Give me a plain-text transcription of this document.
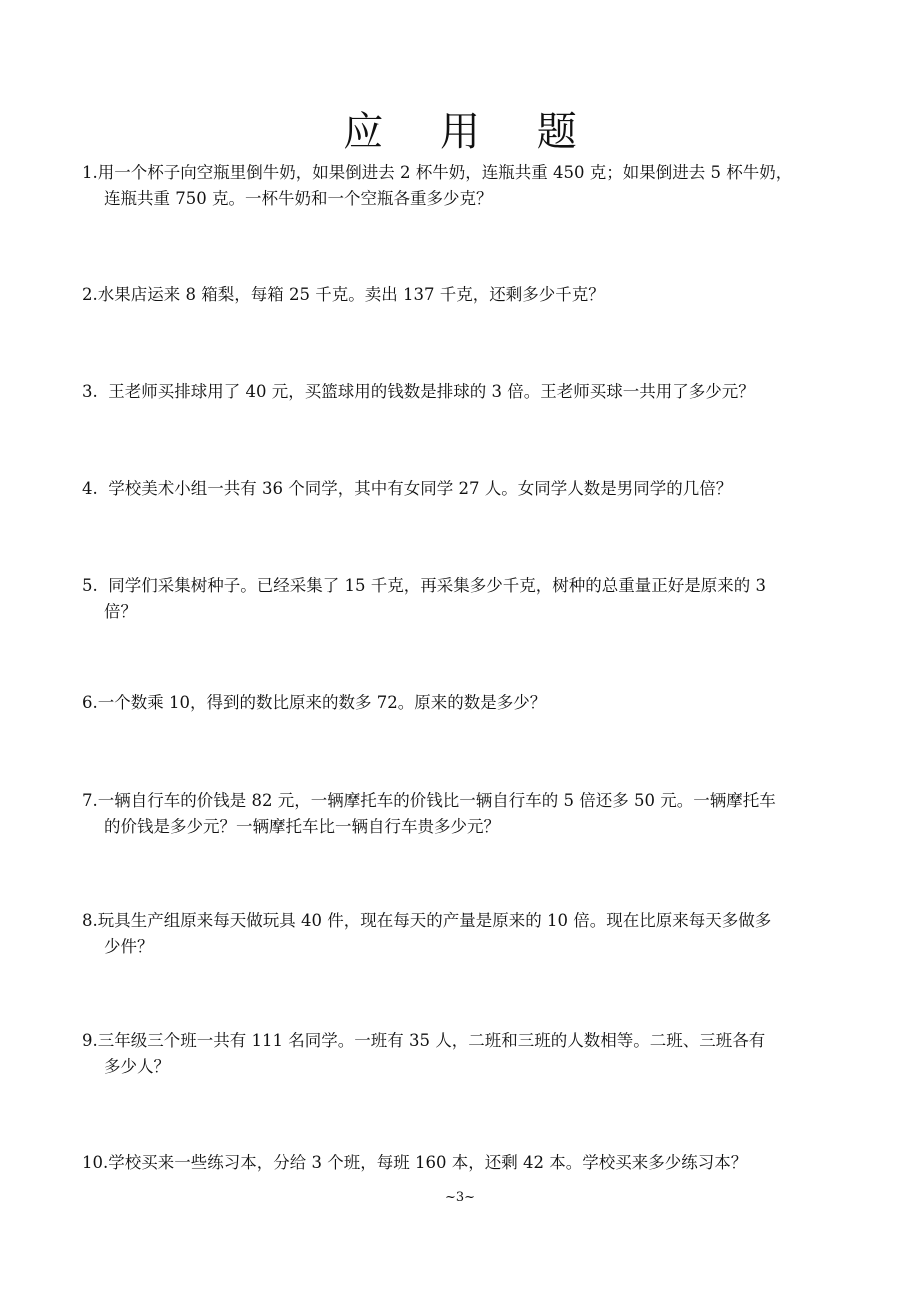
应 用 题
1.用一个杯子向空瓶里倒牛奶，如果倒进去 2 杯牛奶，连瓶共重 450 克；如果倒进去 5 杯牛奶，
连瓶共重 750 克。一杯牛奶和一个空瓶各重多少克？
2.水果店运来 8 箱梨，每箱 25 千克。卖出 137 千克，还剩多少千克？
3.  王老师买排球用了 40 元，买篮球用的钱数是排球的 3 倍。王老师买球一共用了多少元？
4.  学校美术小组一共有 36 个同学，其中有女同学 27 人。女同学人数是男同学的几倍？
5.  同学们采集树种子。已经采集了 15 千克，再采集多少千克，树种的总重量正好是原来的 3
倍？
6.一个数乘 10，得到的数比原来的数多 72。原来的数是多少？
7.一辆自行车的价钱是 82 元，一辆摩托车的价钱比一辆自行车的 5 倍还多 50 元。一辆摩托车
的价钱是多少元？一辆摩托车比一辆自行车贵多少元？
8.玩具生产组原来每天做玩具 40 件，现在每天的产量是原来的 10 倍。现在比原来每天多做多
少件？
9.三年级三个班一共有 111 名同学。一班有 35 人，二班和三班的人数相等。二班、三班各有
多少人？
10.学校买来一些练习本，分给 3 个班，每班 160 本，还剩 42 本。学校买来多少练习本？
~3~
